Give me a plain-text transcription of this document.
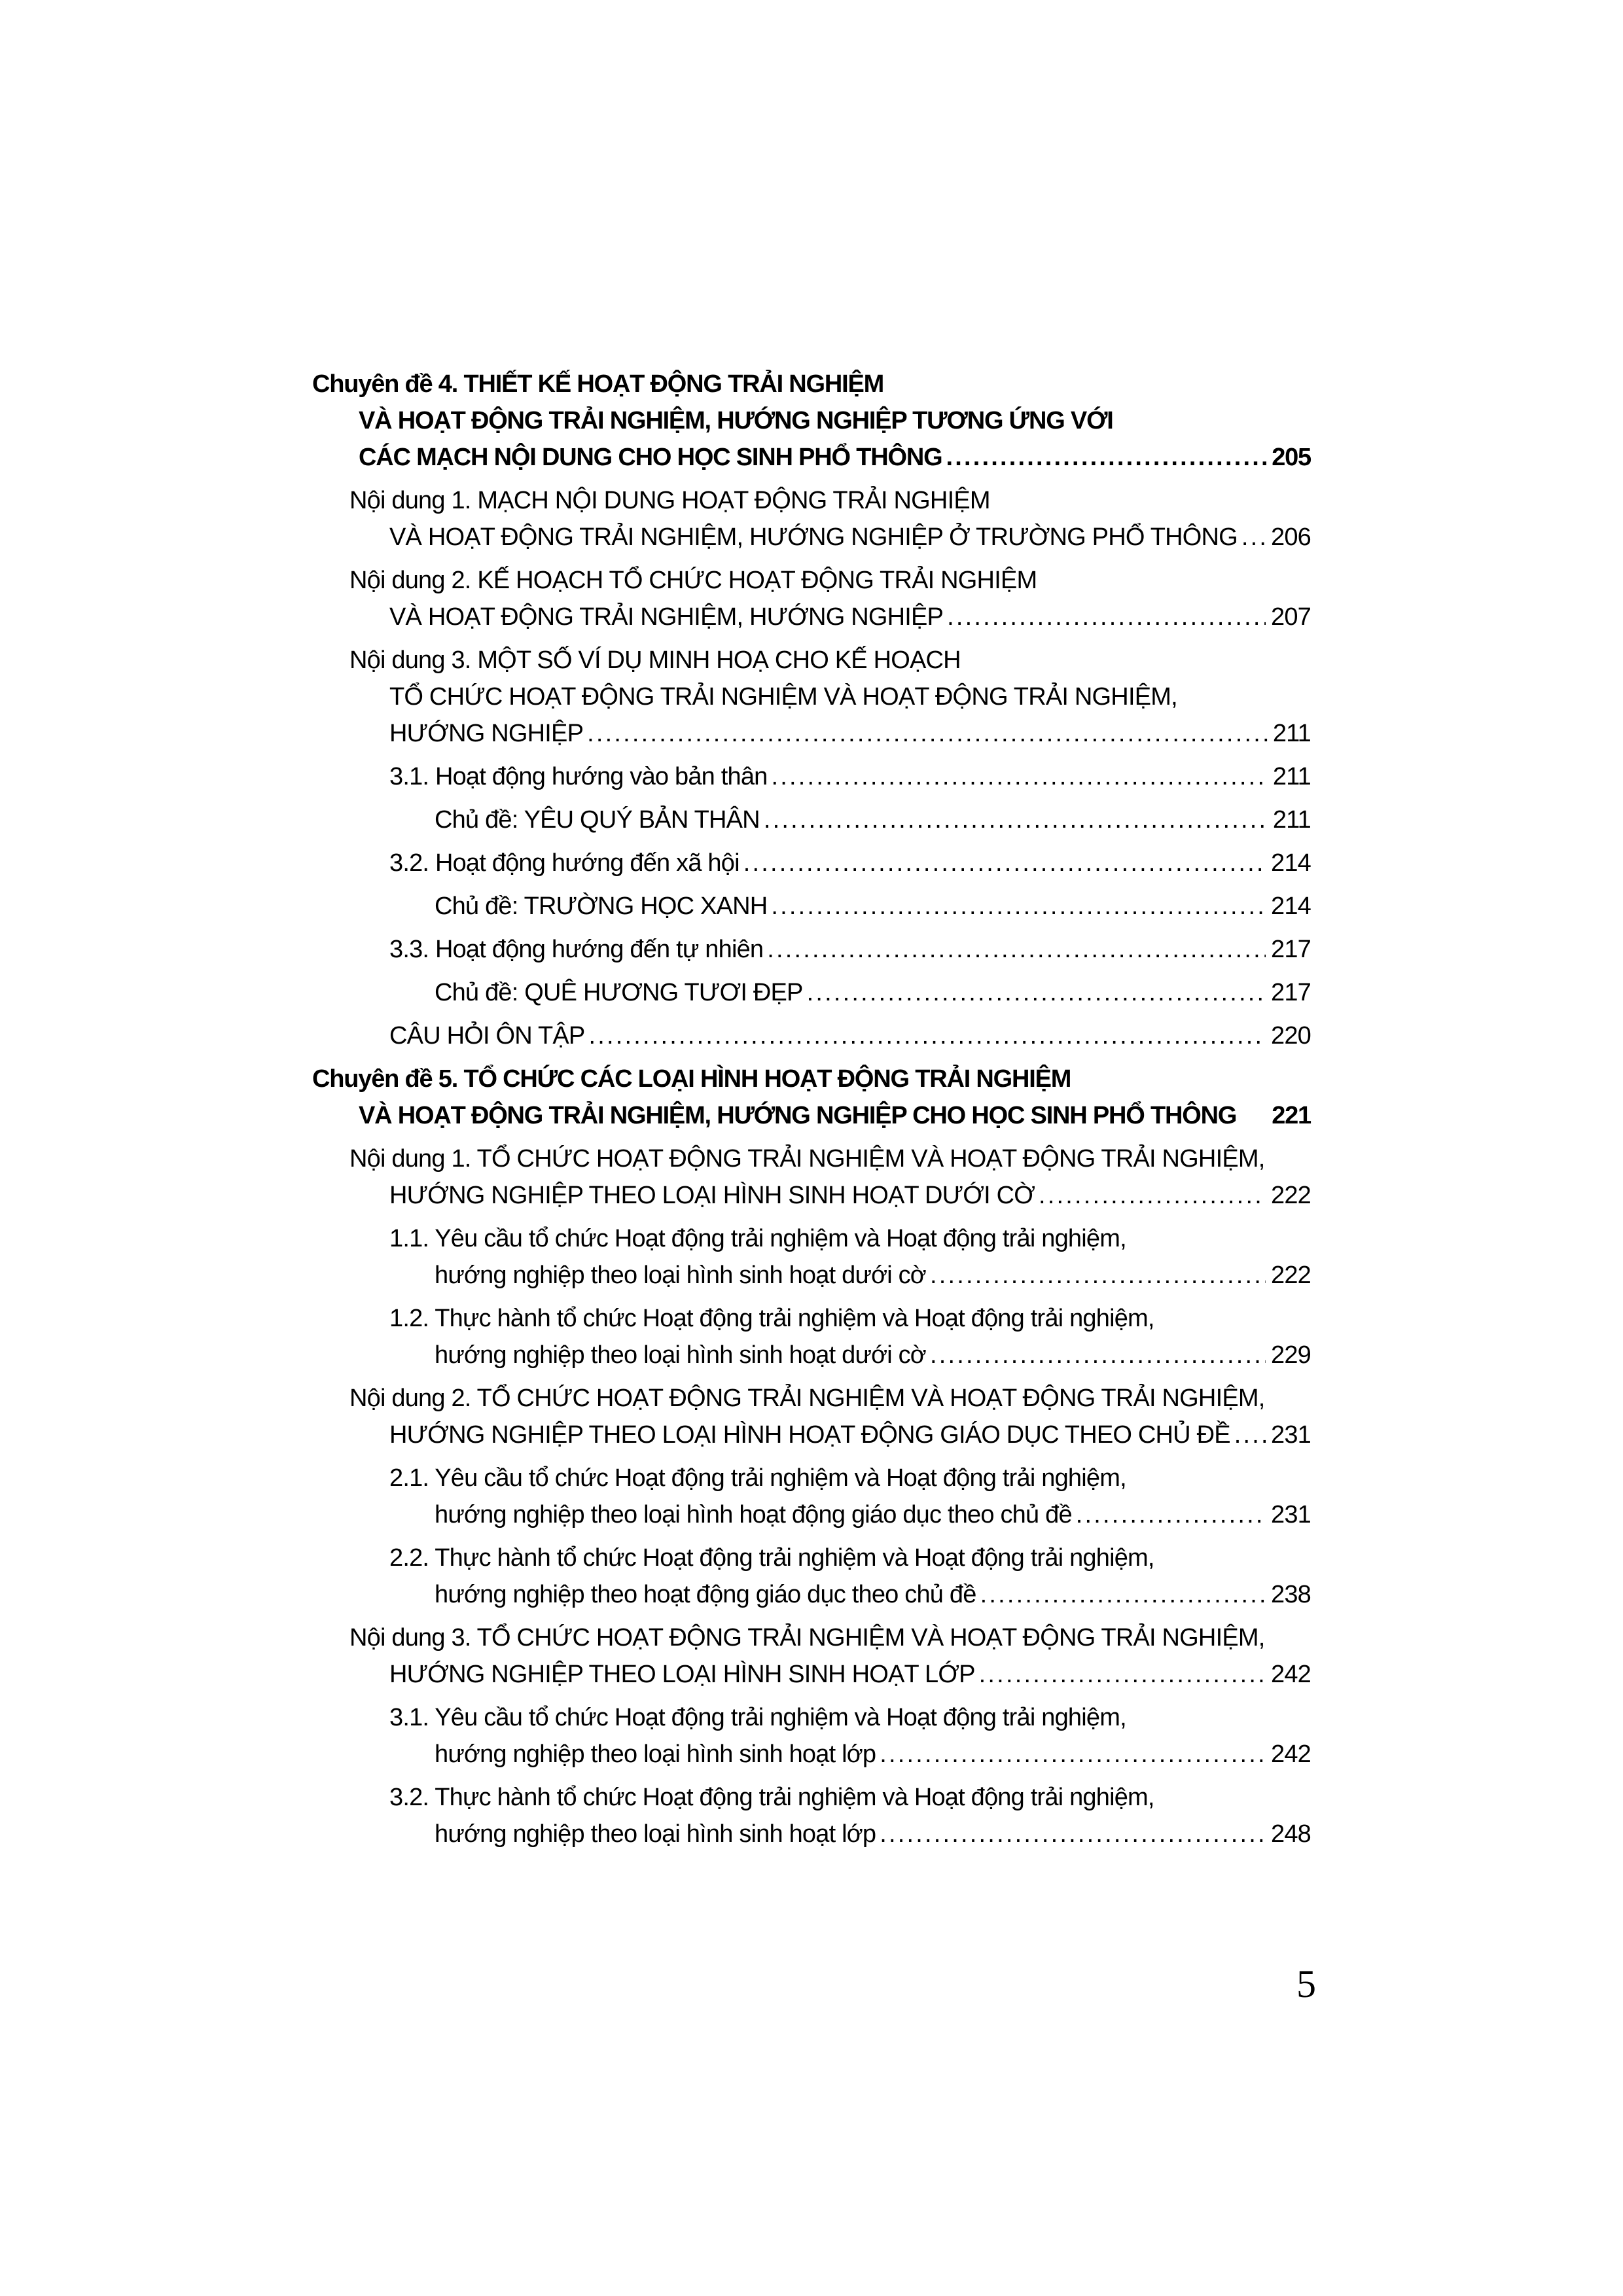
Chuyên đề 4. THIẾT KẾ HOẠT ĐỘNG TRẢI NGHIỆM
VÀ HOẠT ĐỘNG TRẢI NGHIỆM, HƯỚNG NGHIỆP TƯƠNG ỨNG VỚI
CÁC MẠCH NỘI DUNG CHO HỌC SINH PHỔ THÔNG .....	205
Nội dung 1. MẠCH NỘI DUNG HOẠT ĐỘNG TRẢI NGHIỆM
VÀ HOẠT ĐỘNG TRẢI NGHIỆM, HƯỚNG NGHIỆP Ở TRƯỜNG PHỔ THÔNG ..... 206
Nội dung 2. KẾ HOẠCH TỔ CHỨC HOẠT ĐỘNG TRẢI NGHIỆM
VÀ HOẠT ĐỘNG TRẢI NGHIỆM, HƯỚNG NGHIỆP .....	207
Nội dung 3. MỘT SỐ VÍ DỤ MINH HOẠ CHO KẾ HOẠCH
TỔ CHỨC HOẠT ĐỘNG TRẢI NGHIỆM VÀ HOẠT ĐỘNG TRẢI NGHIỆM,
HƯỚNG NGHIỆP .....	211
3.1. Hoạt động hướng vào bản thân .....	211
Chủ đề: YÊU QUÝ BẢN THÂN .....	211
3.2. Hoạt động hướng đến xã hội .....	214
Chủ đề: TRƯỜNG HỌC XANH .....	214
3.3. Hoạt động hướng đến tự nhiên .....	217
Chủ đề: QUÊ HƯƠNG TƯƠI ĐẸP .....	217
CÂU HỎI ÔN TẬP .....	220
Chuyên đề 5. TỔ CHỨC CÁC LOẠI HÌNH HOẠT ĐỘNG TRẢI NGHIỆM
VÀ HOẠT ĐỘNG TRẢI NGHIỆM, HƯỚNG NGHIỆP CHO HỌC SINH PHỔ THÔNG 221
Nội dung 1. TỔ CHỨC HOẠT ĐỘNG TRẢI NGHIỆM VÀ HOẠT ĐỘNG TRẢI NGHIỆM,
HƯỚNG NGHIỆP THEO LOẠI HÌNH SINH HOẠT DƯỚI CỜ .....	222
1.1. Yêu cầu tổ chức Hoạt động trải nghiệm và Hoạt động trải nghiệm,
hướng nghiệp theo loại hình sinh hoạt dưới cờ .....	222
1.2. Thực hành tổ chức Hoạt động trải nghiệm và Hoạt động trải nghiệm,
hướng nghiệp theo loại hình sinh hoạt dưới cờ .....	229
Nội dung 2. TỔ CHỨC HOẠT ĐỘNG TRẢI NGHIỆM VÀ HOẠT ĐỘNG TRẢI NGHIỆM,
HƯỚNG NGHIỆP THEO LOẠI HÌNH HOẠT ĐỘNG GIÁO DỤC THEO CHỦ ĐỀ ..... 231
2.1. Yêu cầu tổ chức Hoạt động trải nghiệm và Hoạt động trải nghiệm,
hướng nghiệp theo loại hình hoạt động giáo dục theo chủ đề .....	231
2.2. Thực hành tổ chức Hoạt động trải nghiệm và Hoạt động trải nghiệm,
hướng nghiệp theo hoạt động giáo dục theo chủ đề .....	238
Nội dung 3. TỔ CHỨC HOẠT ĐỘNG TRẢI NGHIỆM VÀ HOẠT ĐỘNG TRẢI NGHIỆM,
HƯỚNG NGHIỆP THEO LOẠI HÌNH SINH HOẠT LỚP .....	242
3.1. Yêu cầu tổ chức Hoạt động trải nghiệm và Hoạt động trải nghiệm,
hướng nghiệp theo loại hình sinh hoạt lớp .....	242
3.2. Thực hành tổ chức Hoạt động trải nghiệm và Hoạt động trải nghiệm,
hướng nghiệp theo loại hình sinh hoạt lớp .....	248
5
